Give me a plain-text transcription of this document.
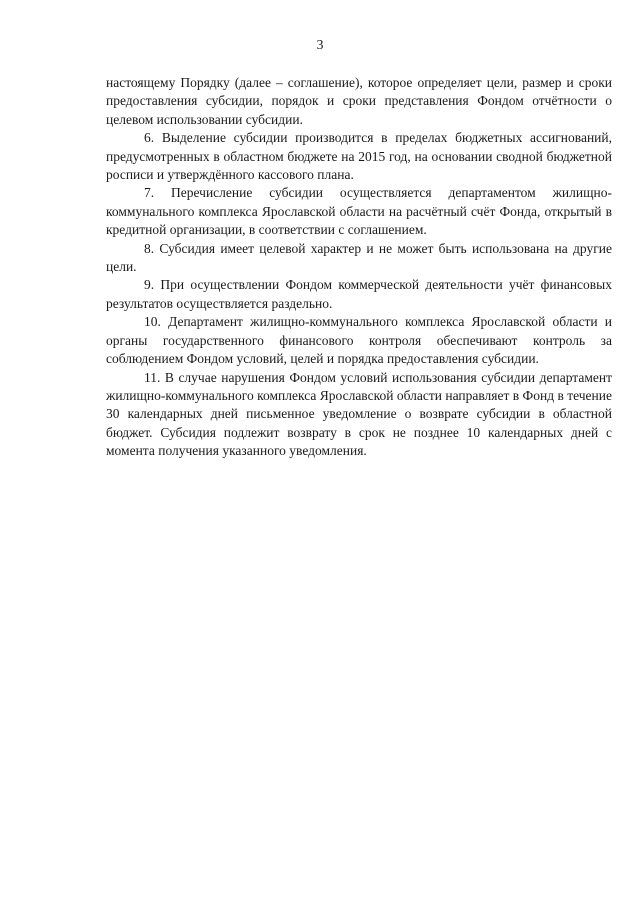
3

настоящему Порядку (далее – соглашение), которое определяет цели, размер и сроки предоставления субсидии, порядок и сроки представления Фондом отчётности о целевом использовании субсидии.

6. Выделение субсидии производится в пределах бюджетных ассигнований, предусмотренных в областном бюджете на 2015 год, на основании сводной бюджетной росписи и утверждённого кассового плана.

7. Перечисление субсидии осуществляется департаментом жилищно-коммунального комплекса Ярославской области на расчётный счёт Фонда, открытый в кредитной организации, в соответствии с соглашением.

8. Субсидия имеет целевой характер и не может быть использована на другие цели.

9. При осуществлении Фондом коммерческой деятельности учёт финансовых результатов осуществляется раздельно.

10. Департамент жилищно-коммунального комплекса Ярославской области и органы государственного финансового контроля обеспечивают контроль за соблюдением Фондом условий, целей и порядка предоставления субсидии.

11. В случае нарушения Фондом условий использования субсидии департамент жилищно-коммунального комплекса Ярославской области направляет в Фонд в течение 30 календарных дней письменное уведомление о возврате субсидии в областной бюджет. Субсидия подлежит возврату в срок не позднее 10 календарных дней с момента получения указанного уведомления.
